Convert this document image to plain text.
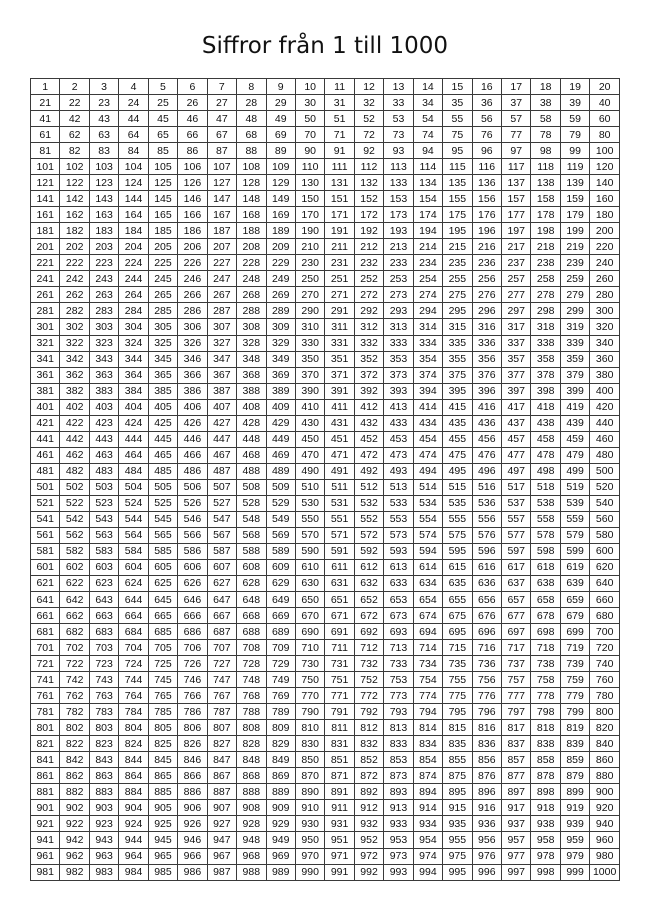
Siffror från 1 till 1000
1	2	3	4	5	6	7	8	9	10	11	12	13	14	15	16	17	18	19	20
21	22	23	24	25	26	27	28	29	30	31	32	33	34	35	36	37	38	39	40
41	42	43	44	45	46	47	48	49	50	51	52	53	54	55	56	57	58	59	60
61	62	63	64	65	66	67	68	69	70	71	72	73	74	75	76	77	78	79	80
81	82	83	84	85	86	87	88	89	90	91	92	93	94	95	96	97	98	99	100
101	102	103	104	105	106	107	108	109	110	111	112	113	114	115	116	117	118	119	120
121	122	123	124	125	126	127	128	129	130	131	132	133	134	135	136	137	138	139	140
141	142	143	144	145	146	147	148	149	150	151	152	153	154	155	156	157	158	159	160
161	162	163	164	165	166	167	168	169	170	171	172	173	174	175	176	177	178	179	180
181	182	183	184	185	186	187	188	189	190	191	192	193	194	195	196	197	198	199	200
201	202	203	204	205	206	207	208	209	210	211	212	213	214	215	216	217	218	219	220
221	222	223	224	225	226	227	228	229	230	231	232	233	234	235	236	237	238	239	240
241	242	243	244	245	246	247	248	249	250	251	252	253	254	255	256	257	258	259	260
261	262	263	264	265	266	267	268	269	270	271	272	273	274	275	276	277	278	279	280
281	282	283	284	285	286	287	288	289	290	291	292	293	294	295	296	297	298	299	300
301	302	303	304	305	306	307	308	309	310	311	312	313	314	315	316	317	318	319	320
321	322	323	324	325	326	327	328	329	330	331	332	333	334	335	336	337	338	339	340
341	342	343	344	345	346	347	348	349	350	351	352	353	354	355	356	357	358	359	360
361	362	363	364	365	366	367	368	369	370	371	372	373	374	375	376	377	378	379	380
381	382	383	384	385	386	387	388	389	390	391	392	393	394	395	396	397	398	399	400
401	402	403	404	405	406	407	408	409	410	411	412	413	414	415	416	417	418	419	420
421	422	423	424	425	426	427	428	429	430	431	432	433	434	435	436	437	438	439	440
441	442	443	444	445	446	447	448	449	450	451	452	453	454	455	456	457	458	459	460
461	462	463	464	465	466	467	468	469	470	471	472	473	474	475	476	477	478	479	480
481	482	483	484	485	486	487	488	489	490	491	492	493	494	495	496	497	498	499	500
501	502	503	504	505	506	507	508	509	510	511	512	513	514	515	516	517	518	519	520
521	522	523	524	525	526	527	528	529	530	531	532	533	534	535	536	537	538	539	540
541	542	543	544	545	546	547	548	549	550	551	552	553	554	555	556	557	558	559	560
561	562	563	564	565	566	567	568	569	570	571	572	573	574	575	576	577	578	579	580
581	582	583	584	585	586	587	588	589	590	591	592	593	594	595	596	597	598	599	600
601	602	603	604	605	606	607	608	609	610	611	612	613	614	615	616	617	618	619	620
621	622	623	624	625	626	627	628	629	630	631	632	633	634	635	636	637	638	639	640
641	642	643	644	645	646	647	648	649	650	651	652	653	654	655	656	657	658	659	660
661	662	663	664	665	666	667	668	669	670	671	672	673	674	675	676	677	678	679	680
681	682	683	684	685	686	687	688	689	690	691	692	693	694	695	696	697	698	699	700
701	702	703	704	705	706	707	708	709	710	711	712	713	714	715	716	717	718	719	720
721	722	723	724	725	726	727	728	729	730	731	732	733	734	735	736	737	738	739	740
741	742	743	744	745	746	747	748	749	750	751	752	753	754	755	756	757	758	759	760
761	762	763	764	765	766	767	768	769	770	771	772	773	774	775	776	777	778	779	780
781	782	783	784	785	786	787	788	789	790	791	792	793	794	795	796	797	798	799	800
801	802	803	804	805	806	807	808	809	810	811	812	813	814	815	816	817	818	819	820
821	822	823	824	825	826	827	828	829	830	831	832	833	834	835	836	837	838	839	840
841	842	843	844	845	846	847	848	849	850	851	852	853	854	855	856	857	858	859	860
861	862	863	864	865	866	867	868	869	870	871	872	873	874	875	876	877	878	879	880
881	882	883	884	885	886	887	888	889	890	891	892	893	894	895	896	897	898	899	900
901	902	903	904	905	906	907	908	909	910	911	912	913	914	915	916	917	918	919	920
921	922	923	924	925	926	927	928	929	930	931	932	933	934	935	936	937	938	939	940
941	942	943	944	945	946	947	948	949	950	951	952	953	954	955	956	957	958	959	960
961	962	963	964	965	966	967	968	969	970	971	972	973	974	975	976	977	978	979	980
981	982	983	984	985	986	987	988	989	990	991	992	993	994	995	996	997	998	999	1000
